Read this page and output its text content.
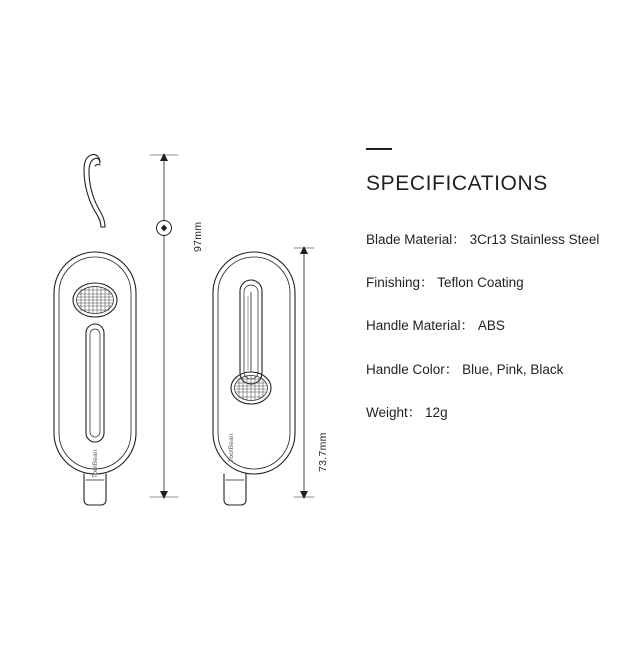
97mm
73.7mm
ToolBean
ToolBean
SPECIFICATIONS
Blade Material： 3Cr13 Stainless Steel
Finishing： Teflon Coating
Handle Material： ABS
Handle Color： Blue, Pink, Black
Weight： 12g
